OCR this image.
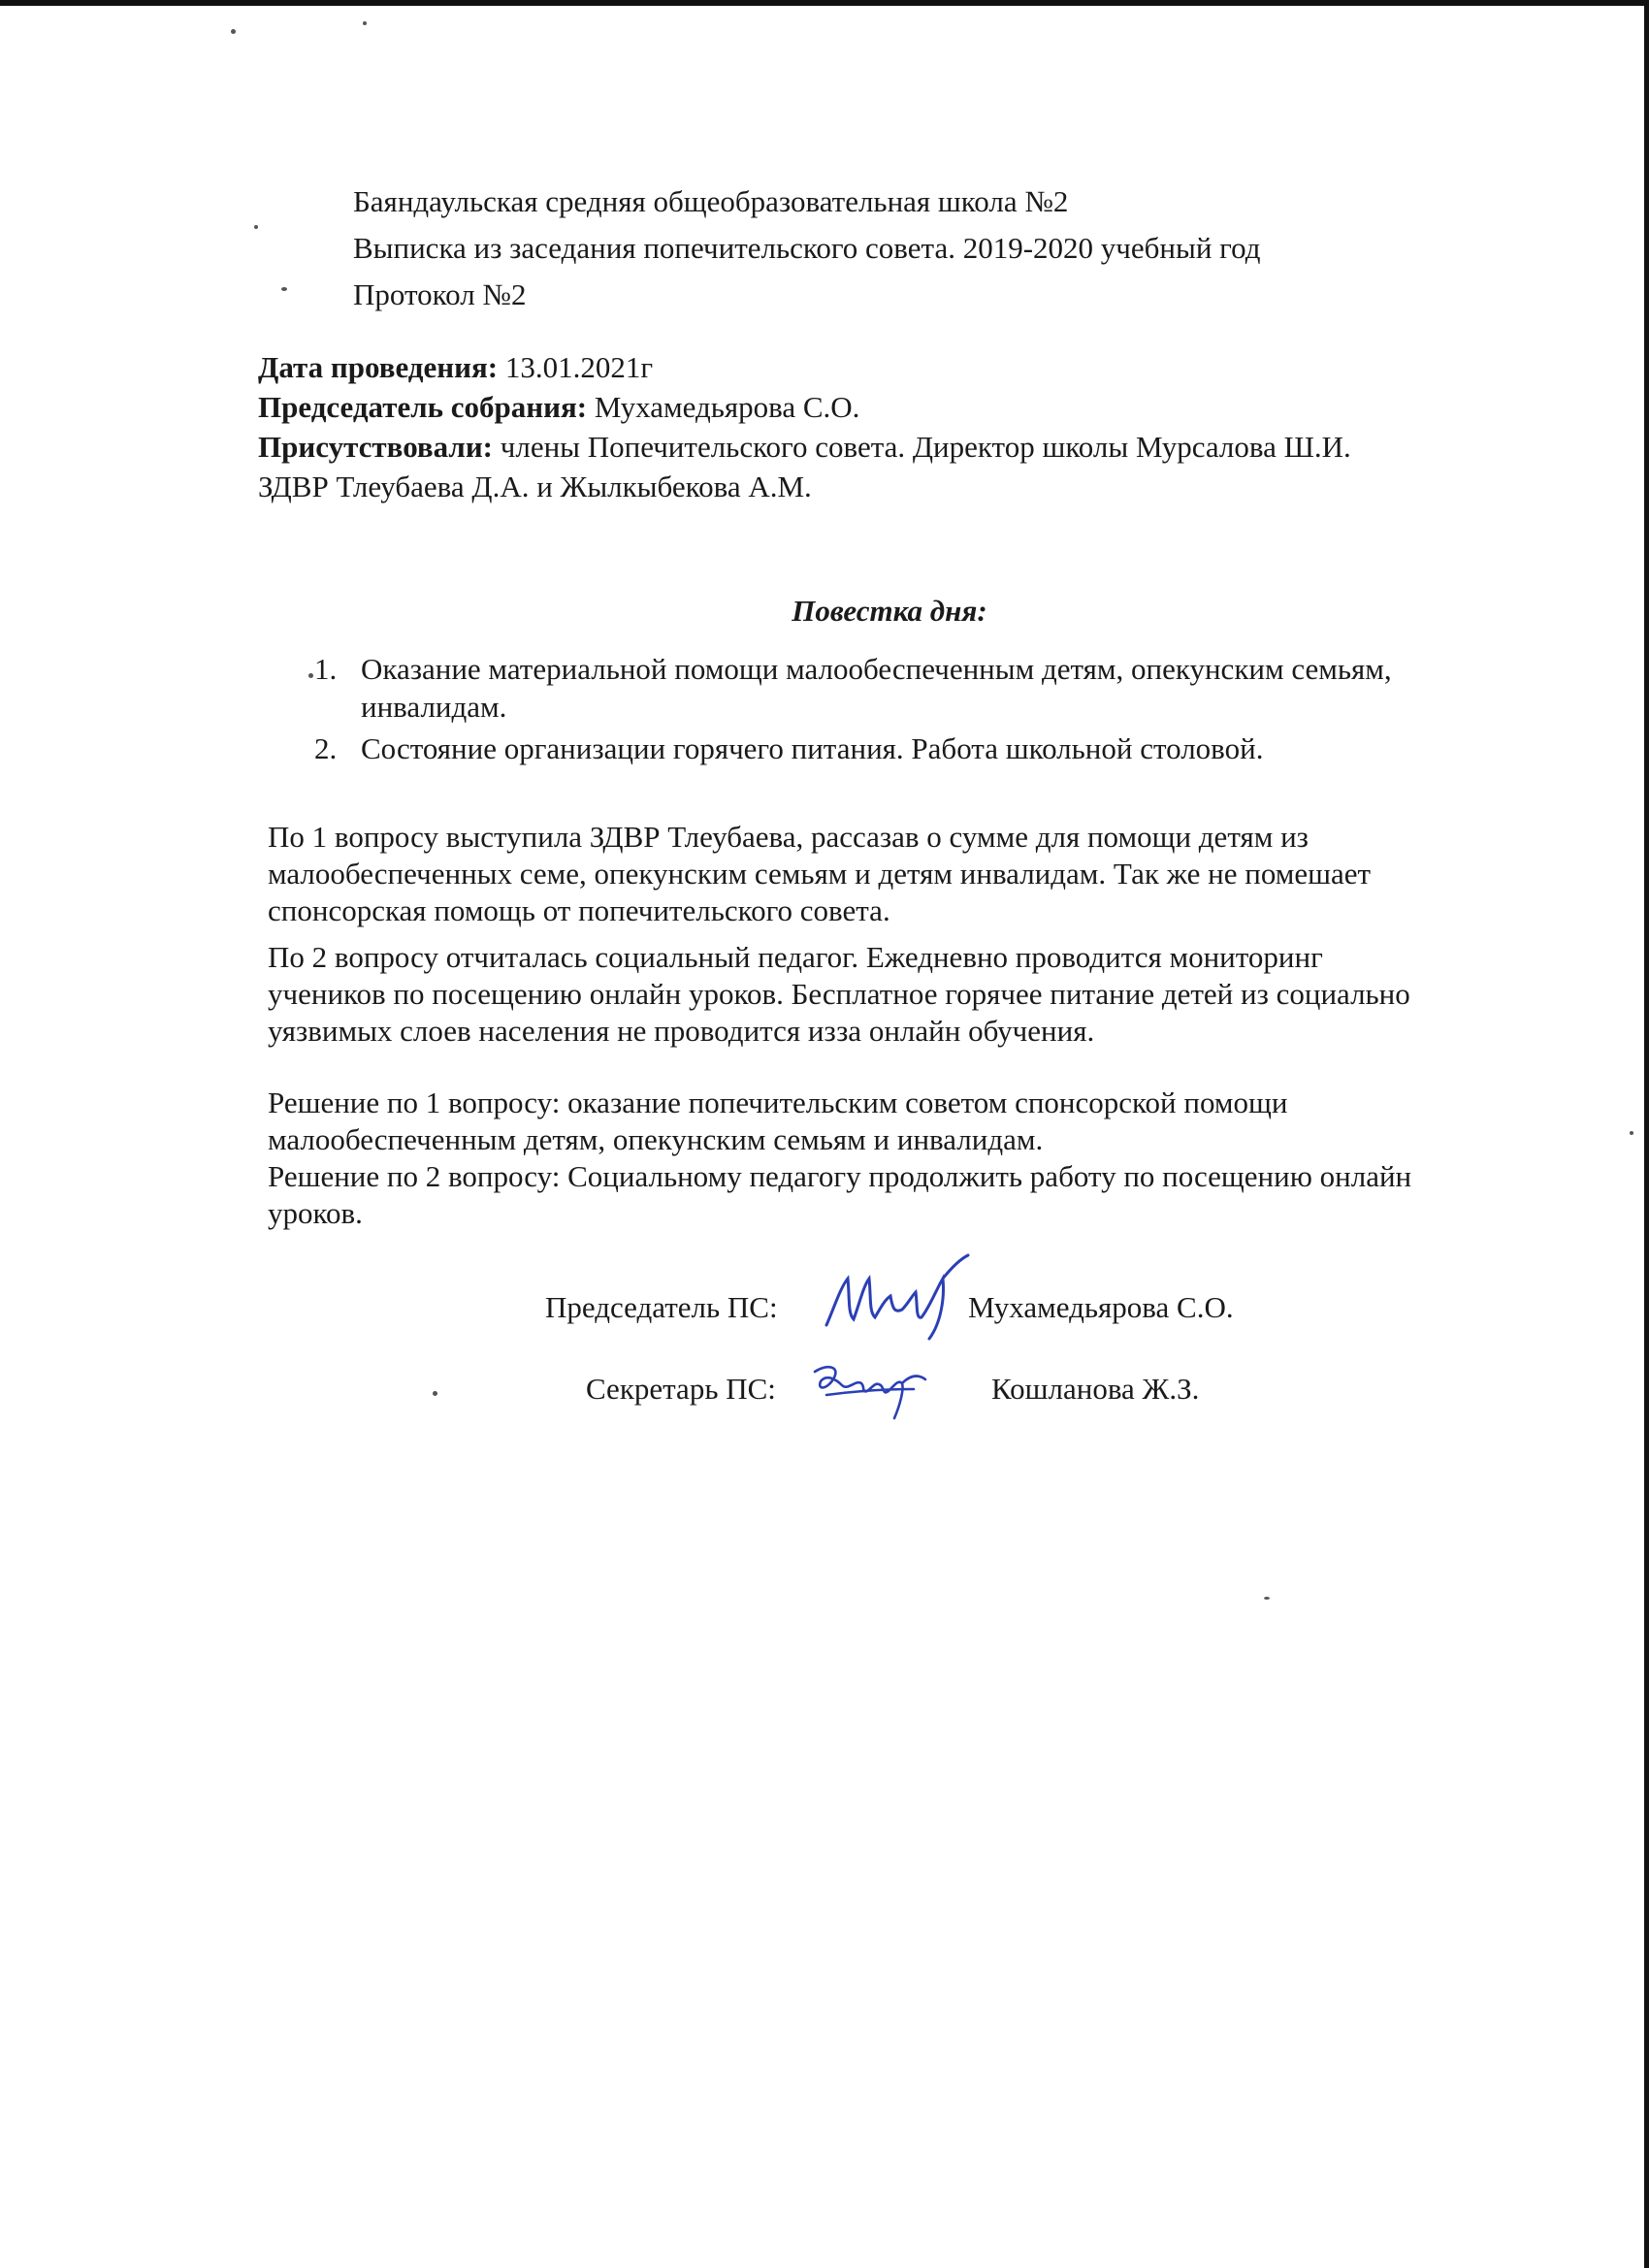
Баяндаульская средняя общеобразовательная школа №2
Выписка из заседания попечительского совета. 2019-2020 учебный год
Протокол №2
Дата проведения: 13.01.2021г
Председатель собрания: Мухамедьярова С.О.
Присутствовали: члены Попечительского совета. Директор школы Мурсалова Ш.И.
ЗДВР Тлеубаева Д.А. и Жылкыбекова А.М.
Повестка дня:
1. Оказание материальной помощи малообеспеченным детям, опекунским семьям, инвалидам.
2. Состояние организации горячего питания. Работа школьной столовой.
По 1 вопросу выступила ЗДВР Тлеубаева, рассазав о сумме для помощи детям из
малообеспеченных семе, опекунским семьям и детям инвалидам. Так же не помешает
спонсорская помощь от попечительского совета.
По 2 вопросу отчиталась социальный педагог. Ежедневно проводится мониторинг
учеников по посещению онлайн уроков. Бесплатное горячее питание детей из социально
уязвимых слоев населения не проводится изза онлайн обучения.
Решение по 1 вопросу: оказание попечительским советом спонсорской помощи
малообеспеченным детям, опекунским семьям и инвалидам.
Решение по 2 вопросу: Социальному педагогу продолжить работу по посещению онлайн
уроков.
Председатель ПС:	Мухамедьярова С.О.
Секретарь ПС:	Кошланова Ж.З.
